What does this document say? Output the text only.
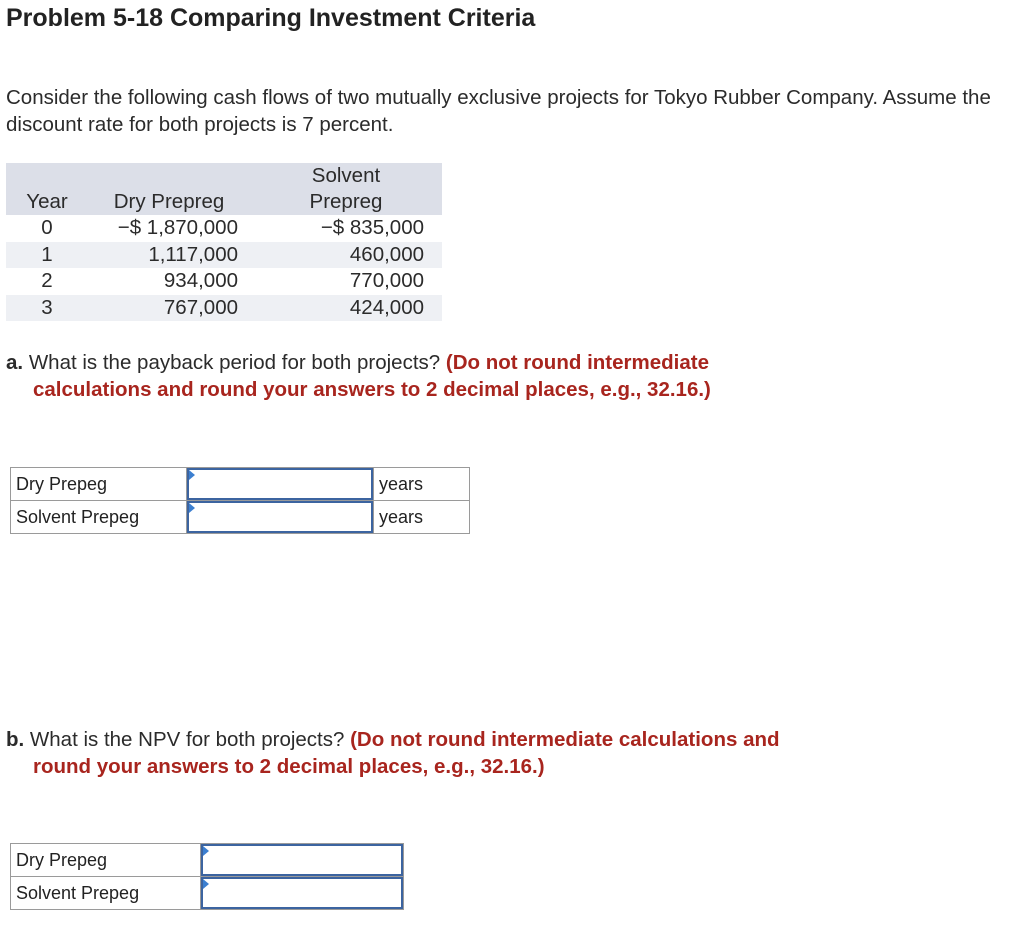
Problem 5-18 Comparing Investment Criteria
Consider the following cash flows of two mutually exclusive projects for Tokyo Rubber Company. Assume the discount rate for both projects is 7 percent.
Year	Dry Prepreg	Solvent
Prepreg

0	−$ 1,870,000	−$ 835,000
1	1,117,000	460,000
2	934,000	770,000
3	767,000	424,000
a. What is the payback period for both projects? (Do not round intermediate
calculations and round your answers to 2 decimal places, e.g., 32.16.)
Dry Prepeg		years
Solvent Prepeg		years
b. What is the NPV for both projects? (Do not round intermediate calculations and
round your answers to 2 decimal places, e.g., 32.16.)
Dry Prepeg	

Solvent Prepeg	
